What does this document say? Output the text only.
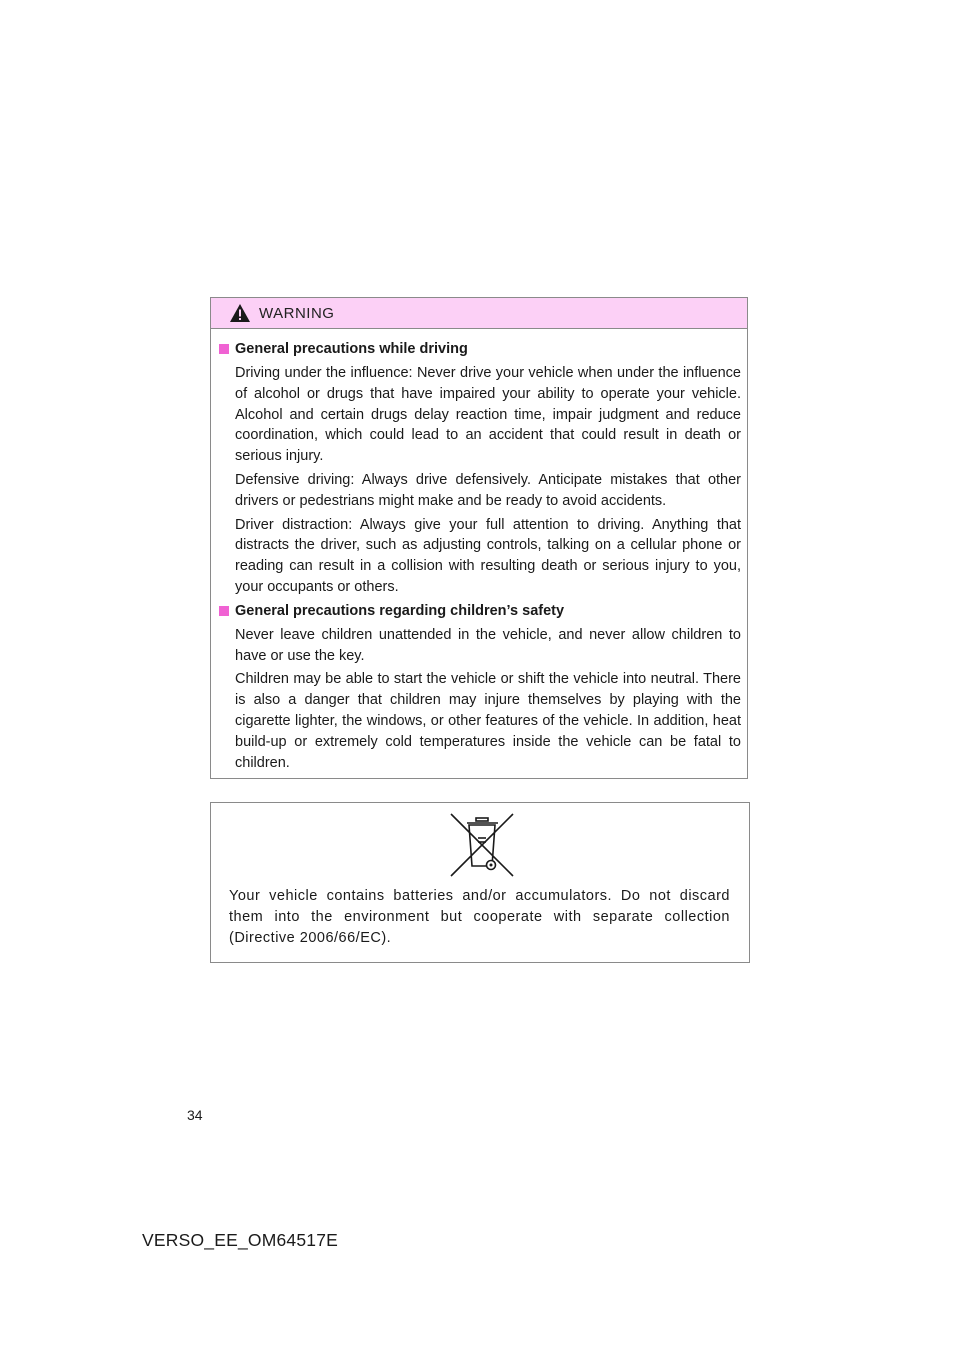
WARNING
General precautions while driving

Driving under the influence: Never drive your vehicle when under the influence of alcohol or drugs that have impaired your ability to operate your vehicle. Alcohol and certain drugs delay reaction time, impair judgment and reduce coordination, which could lead to an accident that could result in death or serious injury.

Defensive driving: Always drive defensively. Anticipate mistakes that other drivers or pedestrians might make and be ready to avoid accidents.

Driver distraction: Always give your full attention to driving. Anything that distracts the driver, such as adjusting controls, talking on a cellular phone or reading can result in a collision with resulting death or serious injury to you, your occupants or others.

General precautions regarding children’s safety

Never leave children unattended in the vehicle, and never allow children to have or use the key.

Children may be able to start the vehicle or shift the vehicle into neutral. There is also a danger that children may injure themselves by playing with the cigarette lighter, the windows, or other features of the vehicle. In addition, heat build-up or extremely cold temperatures inside the vehicle can be fatal to children.

Your vehicle contains batteries and/or accumulators. Do not discard them into the environment but cooperate with separate collection (Directive 2006/66/EC).

34

VERSO_EE_OM64517E
